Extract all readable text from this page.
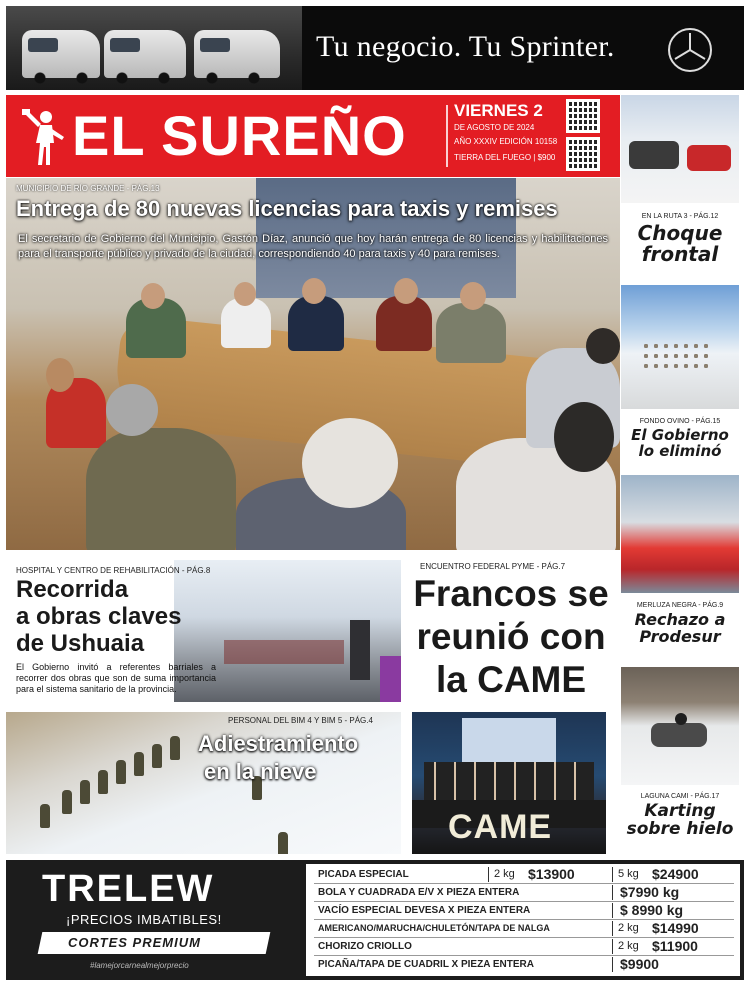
Tu negocio. Tu Sprinter.
EL SUREÑO	VIERNES 2
DE AGOSTO DE 2024
AÑO XXXIV EDICIÓN 10158
TIERRA DEL FUEGO | $900
MUNICIPIO DE RÍO GRANDE - PÁG.13
Entrega de 80 nuevas licencias para taxis y remises
El secretario de Gobierno del Municipio, Gastón Díaz, anunció que hoy harán entrega de 80 licencias y habilitaciones para el transporte público y privado de la ciudad, correspondiendo 40 para taxis y 40 para remises.
HOSPITAL Y CENTRO DE REHABILITACIÓN - PÁG.8
Recorrida
a obras claves
de Ushuaia
El Gobierno invitó a referentes barriales a recorrer dos obras que son de suma importancia para el sistema sanitario de la provincia.
ENCUENTRO FEDERAL PYME - PÁG.7
Francos se
reunió con
la CAME
PERSONAL DEL BIM 4 Y BIM 5 - PÁG.4
Adiestramiento
en la nieve
CAME
EN LA RUTA 3 - PÁG.12
Choque
frontal
FONDO OVINO - PÁG.15
El Gobierno
lo eliminó
MERLUZA NEGRA - PÁG.9
Rechazo a
Prodesur
LAGUNA CAMI - PÁG.17
Karting
sobre hielo
TRELEW
¡PRECIOS IMBATIBLES!
CORTES PREMIUM
#lamejorcarnealmejorprecio
PICADA ESPECIAL	2 kg $13900	5 kg $24900
BOLA Y CUADRADA E/V X PIEZA ENTERA	$7990 kg
VACÍO ESPECIAL DEVESA X PIEZA ENTERA	$ 8990 kg
AMERICANO/MARUCHA/CHULETÓN/TAPA DE NALGA	2 kg $14990
CHORIZO CRIOLLO	2 kg $11900
PICAÑA/TAPA DE CUADRIL X PIEZA ENTERA	$9900
